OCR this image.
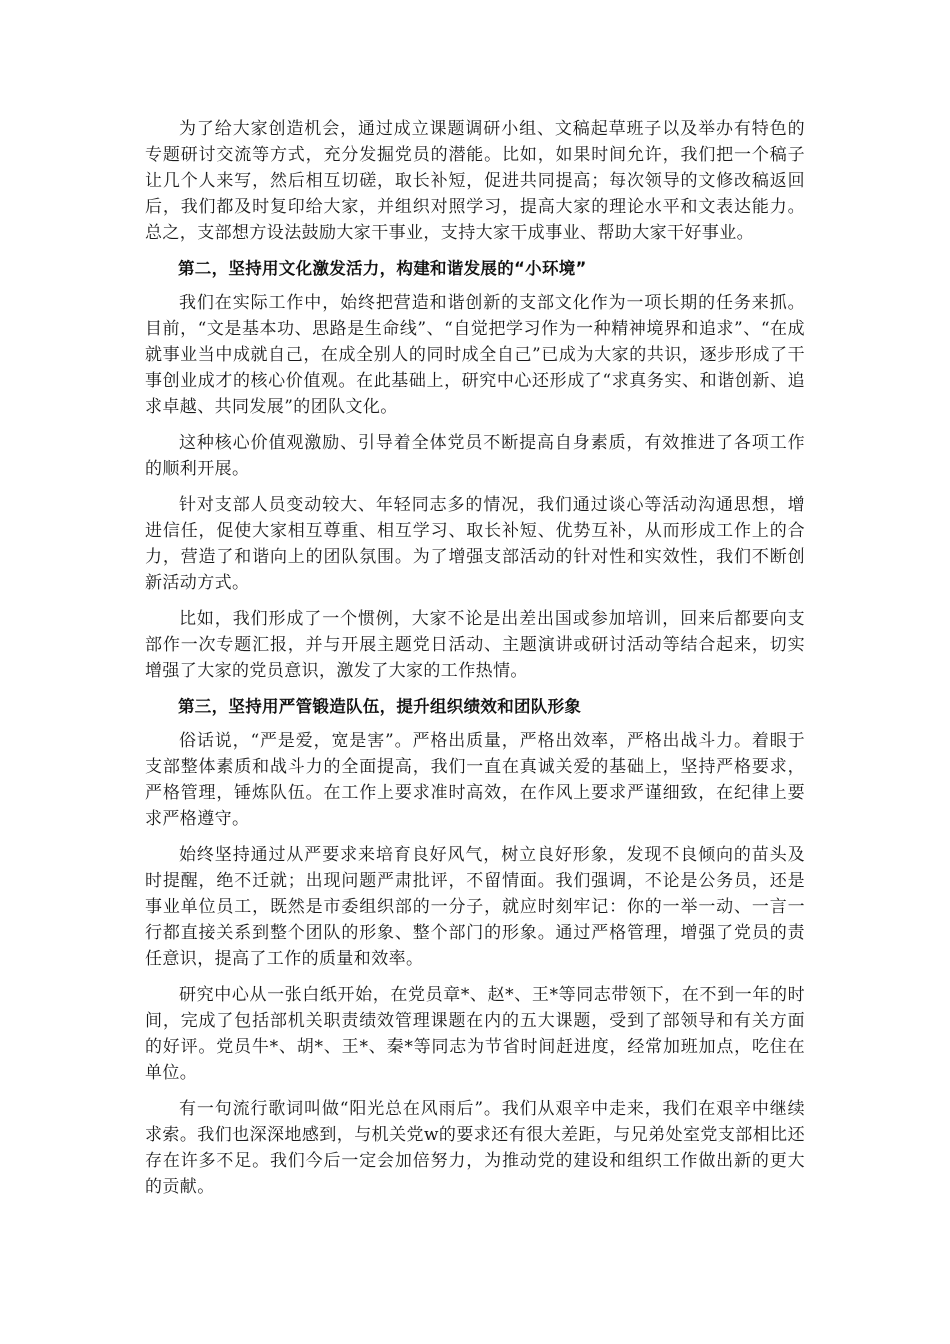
为了给大家创造机会，通过成立课题调研小组、文稿起草班子以及举办有特色的专题研讨交流等方式，充分发掘党员的潜能。比如，如果时间允许，我们把一个稿子让几个人来写，然后相互切磋，取长补短，促进共同提高；每次领导的文修改稿返回后，我们都及时复印给大家，并组织对照学习，提高大家的理论水平和文表达能力。总之，支部想方设法鼓励大家干事业，支持大家干成事业、帮助大家干好事业。

第二，坚持用文化激发活力，构建和谐发展的“小环境”

我们在实际工作中，始终把营造和谐创新的支部文化作为一项长期的任务来抓。目前，“文是基本功、思路是生命线”、“自觉把学习作为一种精神境界和追求”、“在成就事业当中成就自己，在成全别人的同时成全自己”已成为大家的共识，逐步形成了干事创业成才的核心价值观。在此基础上，研究中心还形成了“求真务实、和谐创新、追求卓越、共同发展”的团队文化。

这种核心价值观激励、引导着全体党员不断提高自身素质，有效推进了各项工作的顺利开展。

针对支部人员变动较大、年轻同志多的情况，我们通过谈心等活动沟通思想，增进信任，促使大家相互尊重、相互学习、取长补短、优势互补，从而形成工作上的合力，营造了和谐向上的团队氛围。为了增强支部活动的针对性和实效性，我们不断创新活动方式。

比如，我们形成了一个惯例，大家不论是出差出国或参加培训，回来后都要向支部作一次专题汇报，并与开展主题党日活动、主题演讲或研讨活动等结合起来，切实增强了大家的党员意识，激发了大家的工作热情。

第三，坚持用严管锻造队伍，提升组织绩效和团队形象

俗话说，“严是爱，宽是害”。严格出质量，严格出效率，严格出战斗力。着眼于支部整体素质和战斗力的全面提高，我们一直在真诚关爱的基础上，坚持严格要求，严格管理，锤炼队伍。在工作上要求准时高效，在作风上要求严谨细致，在纪律上要求严格遵守。

始终坚持通过从严要求来培育良好风气，树立良好形象，发现不良倾向的苗头及时提醒，绝不迁就；出现问题严肃批评，不留情面。我们强调，不论是公务员，还是事业单位员工，既然是市委组织部的一分子，就应时刻牢记：你的一举一动、一言一行都直接关系到整个团队的形象、整个部门的形象。通过严格管理，增强了党员的责任意识，提高了工作的质量和效率。

研究中心从一张白纸开始，在党员章*、赵*、王*等同志带领下，在不到一年的时间，完成了包括部机关职责绩效管理课题在内的五大课题，受到了部领导和有关方面的好评。党员牛*、胡*、王*、秦*等同志为节省时间赶进度，经常加班加点，吃住在单位。

有一句流行歌词叫做“阳光总在风雨后”。我们从艰辛中走来，我们在艰辛中继续求索。我们也深深地感到，与机关党w的要求还有很大差距，与兄弟处室党支部相比还存在许多不足。我们今后一定会加倍努力，为推动党的建设和组织工作做出新的更大的贡献。
